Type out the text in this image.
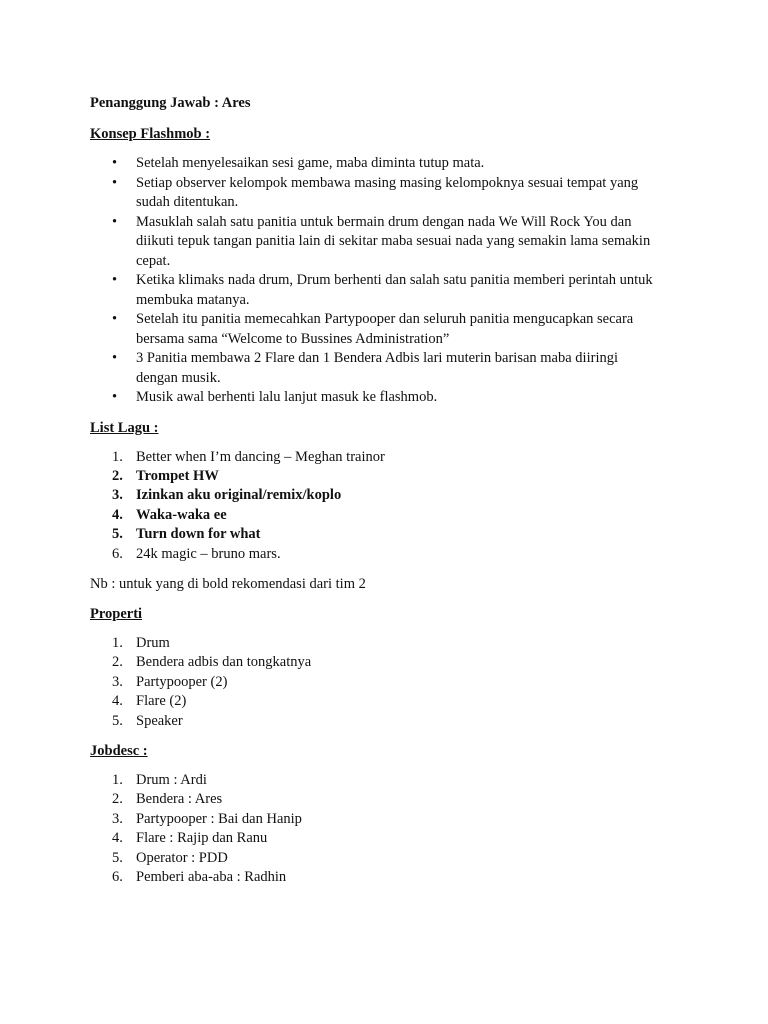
Penanggung Jawab : Ares

Konsep Flashmob :

• Setelah menyelesaikan sesi game, maba diminta tutup mata.
• Setiap observer kelompok membawa masing masing kelompoknya sesuai tempat yang
sudah ditentukan.
• Masuklah salah satu panitia untuk bermain drum dengan nada We Will Rock You dan
diikuti tepuk tangan panitia lain di sekitar maba sesuai nada yang semakin lama semakin
cepat.
• Ketika klimaks nada drum, Drum berhenti dan salah satu panitia memberi perintah untuk
membuka matanya.
• Setelah itu panitia memecahkan Partypooper dan seluruh panitia mengucapkan secara
bersama sama “Welcome to Bussines Administration”
• 3 Panitia membawa 2 Flare dan 1 Bendera Adbis lari muterin barisan maba diiringi
dengan musik.
• Musik awal berhenti lalu lanjut masuk ke flashmob.

List Lagu :

1. Better when I’m dancing – Meghan trainor
2. Trompet HW
3. Izinkan aku original/remix/koplo
4. Waka-waka ee
5. Turn down for what
6. 24k magic – bruno mars.

Nb : untuk yang di bold rekomendasi dari tim 2

Properti

1. Drum
2. Bendera adbis dan tongkatnya
3. Partypooper (2)
4. Flare (2)
5. Speaker

Jobdesc :

1. Drum : Ardi
2. Bendera : Ares
3. Partypooper : Bai dan Hanip
4. Flare : Rajip dan Ranu
5. Operator : PDD
6. Pemberi aba-aba : Radhin
